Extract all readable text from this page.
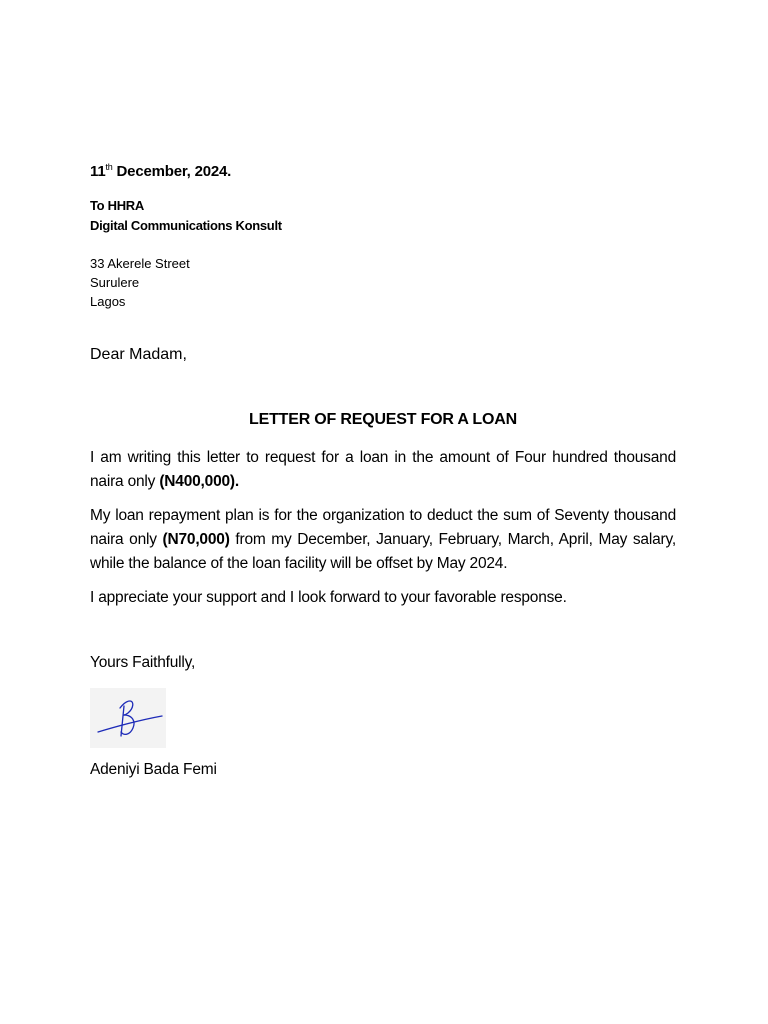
11th December, 2024.
To HHRA
Digital Communications Konsult
33 Akerele Street
Surulere
Lagos
Dear Madam,
LETTER OF REQUEST FOR A LOAN
I am writing this letter to request for a loan in the amount of Four hundred thousand naira only (N400,000).
My loan repayment plan is for the organization to deduct the sum of Seventy thousand naira only (N70,000) from my December, January, February, March, April, May salary, while the balance of the loan facility will be offset by May 2024.
I appreciate your support and I look forward to your favorable response.
Yours Faithfully,
Adeniyi Bada Femi
